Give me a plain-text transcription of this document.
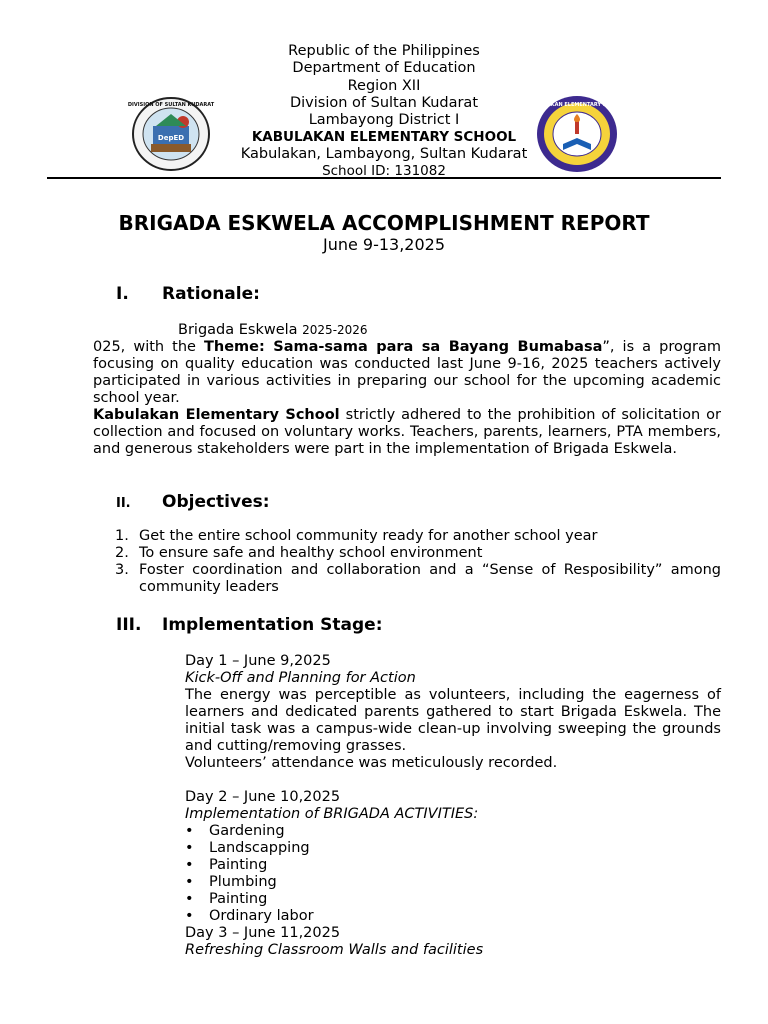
DIVISION OF SULTAN KUDARAT
DepED
KABULAKAN ELEMENTARY SCHOOL
Republic of the Philippines
Department of Education
Region XII
Division of Sultan Kudarat
Lambayong District I
KABULAKAN ELEMENTARY SCHOOL
Kabulakan, Lambayong, Sultan Kudarat
School ID: 131082
BRIGADA ESKWELA ACCOMPLISHMENT REPORT
June 9-13,2025
I. Rationale:
Brigada Eskwela 2025-2026

025, with the Theme: Sama-sama para sa Bayang Bumabasa”, is a program focusing on quality education was conducted last June 9-16, 2025 teachers actively participated in various activities in preparing our school for the upcoming academic school year.

Kabulakan Elementary School strictly adhered to the prohibition of solicitation or collection and focused on voluntary works. Teachers, parents, learners, PTA members, and generous stakeholders were part in the implementation of Brigada Eskwela.

II. Objectives:
1. Get the entire school community ready for another school year
2. To ensure safe and healthy school environment
3. Foster coordination and collaboration and a “Sense of Resposibility” among community leaders
III. Implementation Stage:
Day 1 – June 9,2025
Kick-Off and Planning for Action
The energy was perceptible as volunteers, including the eagerness of learners and dedicated parents gathered to start Brigada Eskwela. The initial task was a campus-wide clean-up involving sweeping the grounds and cutting/removing grasses.
Volunteers’ attendance was meticulously recorded.
Day 2 – June 10,2025
Implementation of BRIGADA ACTIVITIES:
• Gardening
• Landscapping
• Painting
• Plumbing
• Painting
• Ordinary labor
Day 3 – June 11,2025
Refreshing Classroom Walls and facilities
